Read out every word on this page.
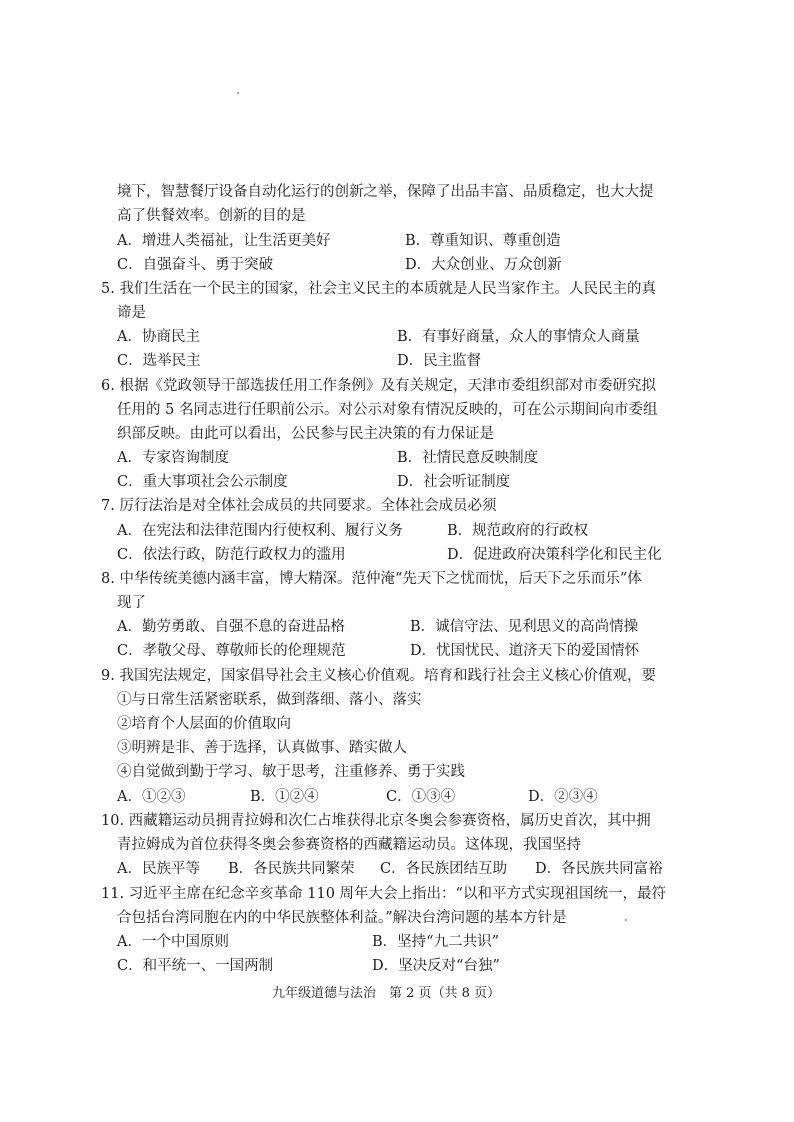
境下，智慧餐厅设备自动化运行的创新之举，保障了出品丰富、品质稳定，也大大提
高了供餐效率。创新的目的是
A．增进人类福祉，让生活更美好	B．尊重知识、尊重创造
C．自强奋斗、勇于突破	D．大众创业、万众创新
5. 我们生活在一个民主的国家，社会主义民主的本质就是人民当家作主。人民民主的真
谛是
A．协商民主	B．有事好商量，众人的事情众人商量
C．选举民主	D．民主监督
6. 根据《党政领导干部选拔任用工作条例》及有关规定，天津市委组织部对市委研究拟
任用的 5 名同志进行任职前公示。对公示对象有情况反映的，可在公示期间向市委组
织部反映。由此可以看出，公民参与民主决策的有力保证是
A．专家咨询制度	B．社情民意反映制度
C．重大事项社会公示制度	D．社会听证制度
7. 厉行法治是对全体社会成员的共同要求。全体社会成员必须
A．在宪法和法律范围内行使权利、履行义务	B．规范政府的行政权
C．依法行政，防范行政权力的滥用	D．促进政府决策科学化和民主化
8. 中华传统美德内涵丰富，博大精深。范仲淹“先天下之忧而忧，后天下之乐而乐”体
现了
A．勤劳勇敢、自强不息的奋进品格	B．诚信守法、见利思义的高尚情操
C．孝敬父母、尊敬师长的伦理规范	D．忧国忧民、道济天下的爱国情怀
9. 我国宪法规定，国家倡导社会主义核心价值观。培育和践行社会主义核心价值观，要
①与日常生活紧密联系，做到落细、落小、落实
②培育个人层面的价值取向
③明辨是非、善于选择，认真做事、踏实做人
④自觉做到勤于学习、敏于思考，注重修养、勇于实践
A．①②③	B．①②④	C．①③④	D．②③④
10. 西藏籍运动员拥青拉姆和次仁占堆获得北京冬奥会参赛资格，属历史首次，其中拥
青拉姆成为首位获得冬奥会参赛资格的西藏籍运动员。这体现，我国坚持
A．民族平等 B．各民族共同繁荣 C．各民族团结互助 D．各民族共同富裕
11. 习近平主席在纪念辛亥革命 110 周年大会上指出：“以和平方式实现祖国统一，最符
合包括台湾同胞在内的中华民族整体利益。”解决台湾问题的基本方针是
A．一个中国原则	B．坚持“九二共识”
C．和平统一、一国两制	D．坚决反对“台独”
九年级道德与法治　第 2 页（共 8 页）
